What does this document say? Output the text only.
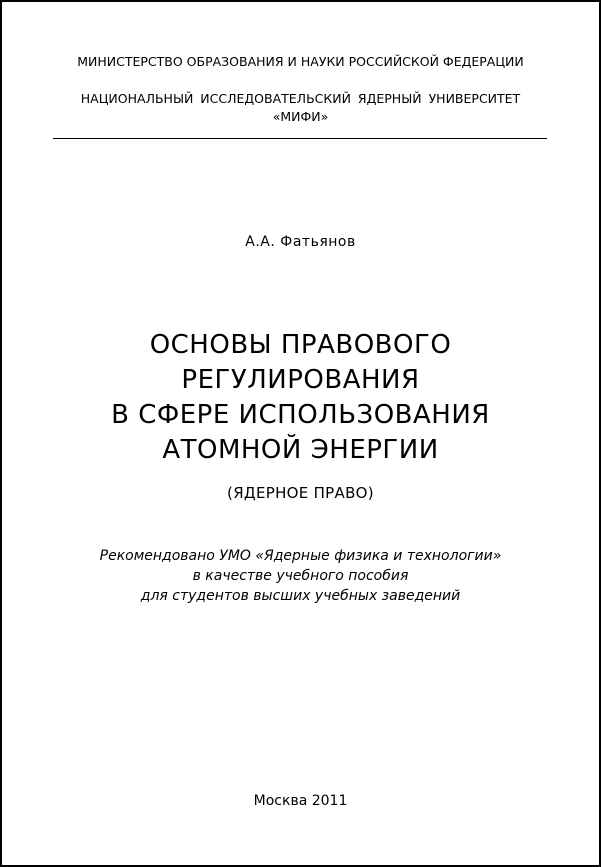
МИНИСТЕРСТВО ОБРАЗОВАНИЯ И НАУКИ РОССИЙСКОЙ ФЕДЕРАЦИИ

НАЦИОНАЛЬНЫЙ ИССЛЕДОВАТЕЛЬСКИЙ ЯДЕРНЫЙ УНИВЕРСИТЕТ
«МИФИ»

А.А. Фатьянов

ОСНОВЫ ПРАВОВОГО
РЕГУЛИРОВАНИЯ
В СФЕРЕ ИСПОЛЬЗОВАНИЯ
АТОМНОЙ ЭНЕРГИИ

(ЯДЕРНОЕ ПРАВО)

Рекомендовано УМО «Ядерные физика и технологии»
в качестве учебного пособия
для студентов высших учебных заведений

Москва 2011
